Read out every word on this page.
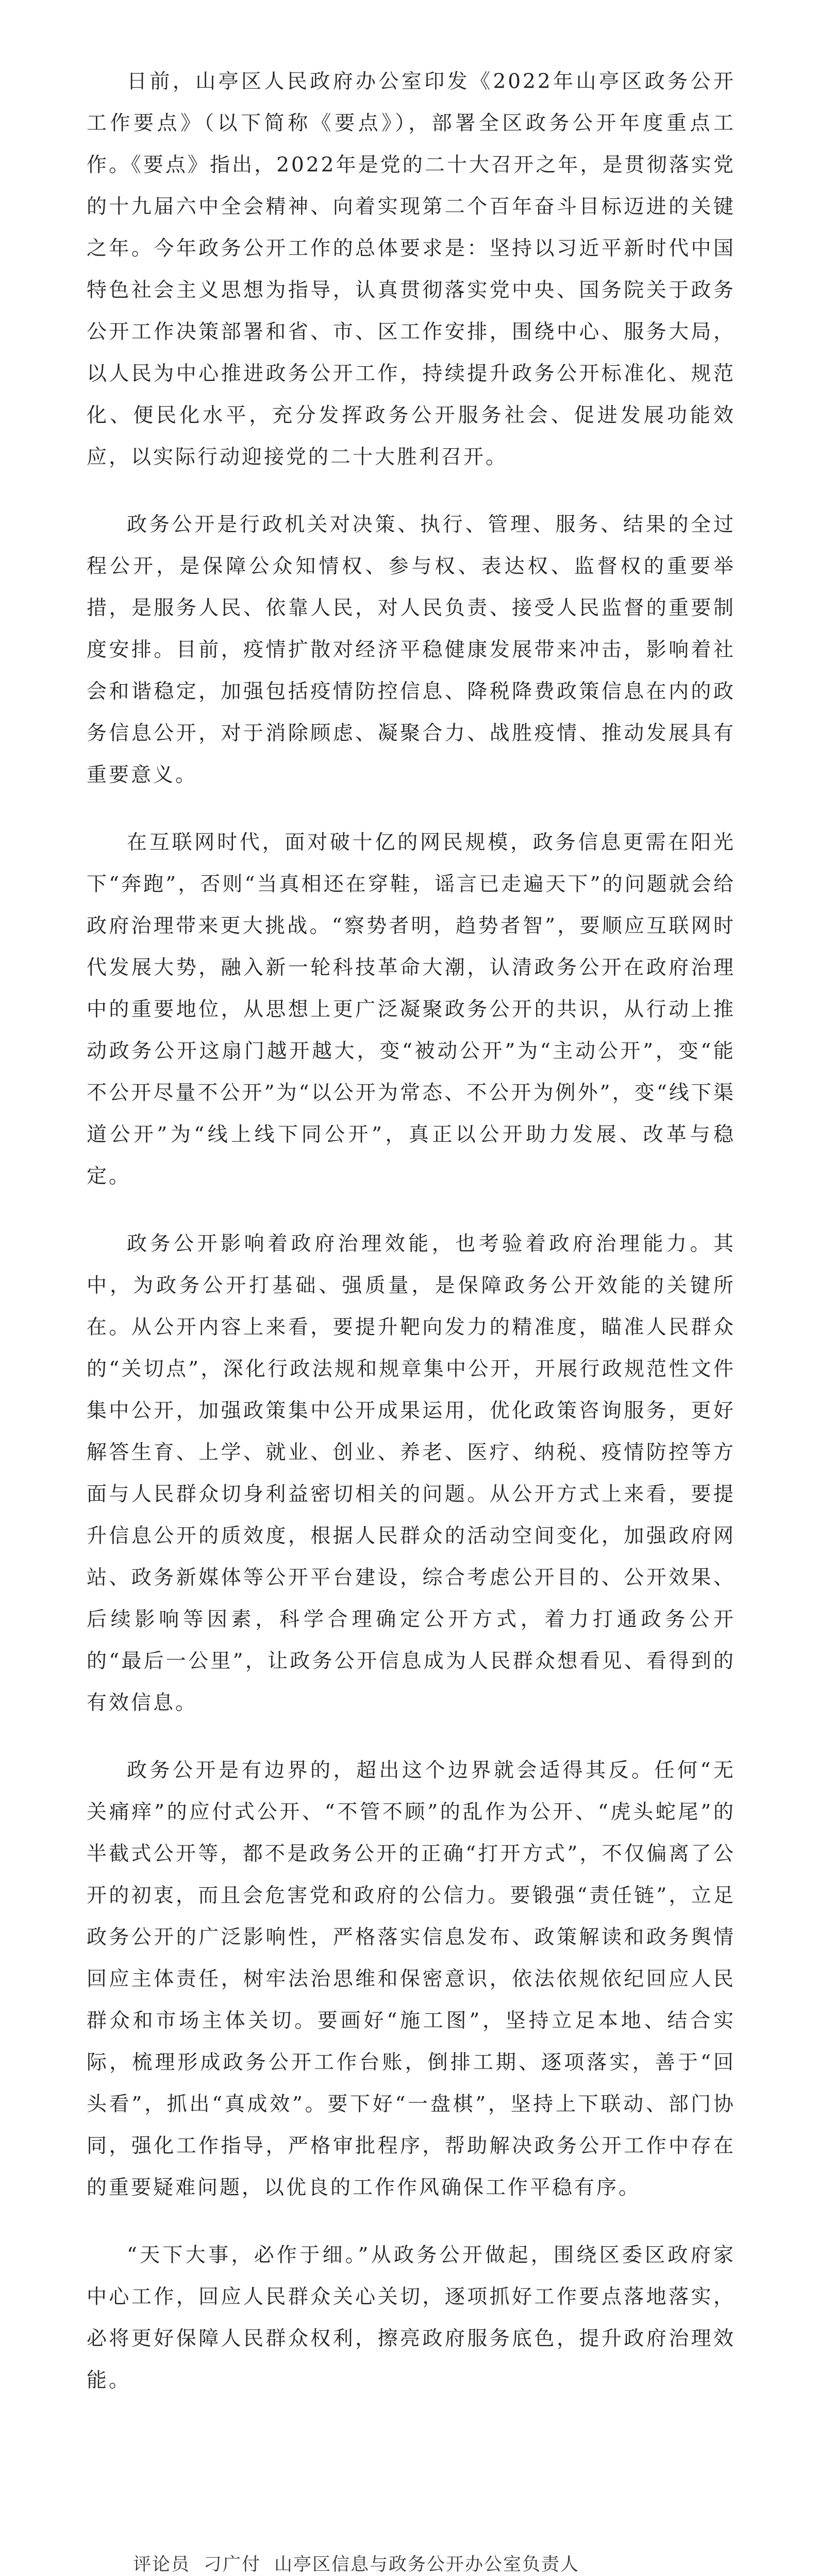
日前，山亭区人民政府办公室印发《2022年山亭区政务公开工作要点》（以下简称《要点》），部署全区政务公开年度重点工作。《要点》指出，2022年是党的二十大召开之年，是贯彻落实党的十九届六中全会精神、向着实现第二个百年奋斗目标迈进的关键之年。今年政务公开工作的总体要求是：坚持以习近平新时代中国特色社会主义思想为指导，认真贯彻落实党中央、国务院关于政务公开工作决策部署和省、市、区工作安排，围绕中心、服务大局，以人民为中心推进政务公开工作，持续提升政务公开标准化、规范化、便民化水平，充分发挥政务公开服务社会、促进发展功能效应，以实际行动迎接党的二十大胜利召开。

政务公开是行政机关对决策、执行、管理、服务、结果的全过程公开，是保障公众知情权、参与权、表达权、监督权的重要举措，是服务人民、依靠人民，对人民负责、接受人民监督的重要制度安排。目前，疫情扩散对经济平稳健康发展带来冲击，影响着社会和谐稳定，加强包括疫情防控信息、降税降费政策信息在内的政务信息公开，对于消除顾虑、凝聚合力、战胜疫情、推动发展具有重要意义。

在互联网时代，面对破十亿的网民规模，政务信息更需在阳光下“奔跑”，否则“当真相还在穿鞋，谣言已走遍天下”的问题就会给政府治理带来更大挑战。“察势者明，趋势者智”，要顺应互联网时代发展大势，融入新一轮科技革命大潮，认清政务公开在政府治理中的重要地位，从思想上更广泛凝聚政务公开的共识，从行动上推动政务公开这扇门越开越大，变“被动公开”为“主动公开”，变“能不公开尽量不公开”为“以公开为常态、不公开为例外”，变“线下渠道公开”为“线上线下同公开”，真正以公开助力发展、改革与稳定。

政务公开影响着政府治理效能，也考验着政府治理能力。其中，为政务公开打基础、强质量，是保障政务公开效能的关键所在。从公开内容上来看，要提升靶向发力的精准度，瞄准人民群众的“关切点”，深化行政法规和规章集中公开，开展行政规范性文件集中公开，加强政策集中公开成果运用，优化政策咨询服务，更好解答生育、上学、就业、创业、养老、医疗、纳税、疫情防控等方面与人民群众切身利益密切相关的问题。从公开方式上来看，要提升信息公开的质效度，根据人民群众的活动空间变化，加强政府网站、政务新媒体等公开平台建设，综合考虑公开目的、公开效果、后续影响等因素，科学合理确定公开方式，着力打通政务公开的“最后一公里”，让政务公开信息成为人民群众想看见、看得到的有效信息。

政务公开是有边界的，超出这个边界就会适得其反。任何“无关痛痒”的应付式公开、“不管不顾”的乱作为公开、“虎头蛇尾”的半截式公开等，都不是政务公开的正确“打开方式”，不仅偏离了公开的初衷，而且会危害党和政府的公信力。要锻强“责任链”，立足政务公开的广泛影响性，严格落实信息发布、政策解读和政务舆情回应主体责任，树牢法治思维和保密意识，依法依规依纪回应人民群众和市场主体关切。要画好“施工图”，坚持立足本地、结合实际，梳理形成政务公开工作台账，倒排工期、逐项落实，善于“回头看”，抓出“真成效”。要下好“一盘棋”，坚持上下联动、部门协同，强化工作指导，严格审批程序，帮助解决政务公开工作中存在的重要疑难问题，以优良的工作作风确保工作平稳有序。

“天下大事，必作于细。”从政务公开做起，围绕区委区政府家中心工作，回应人民群众关心关切，逐项抓好工作要点落地落实，必将更好保障人民群众权利，擦亮政府服务底色，提升政府治理效能。

评论员 刁广付 山亭区信息与政务公开办公室负责人
